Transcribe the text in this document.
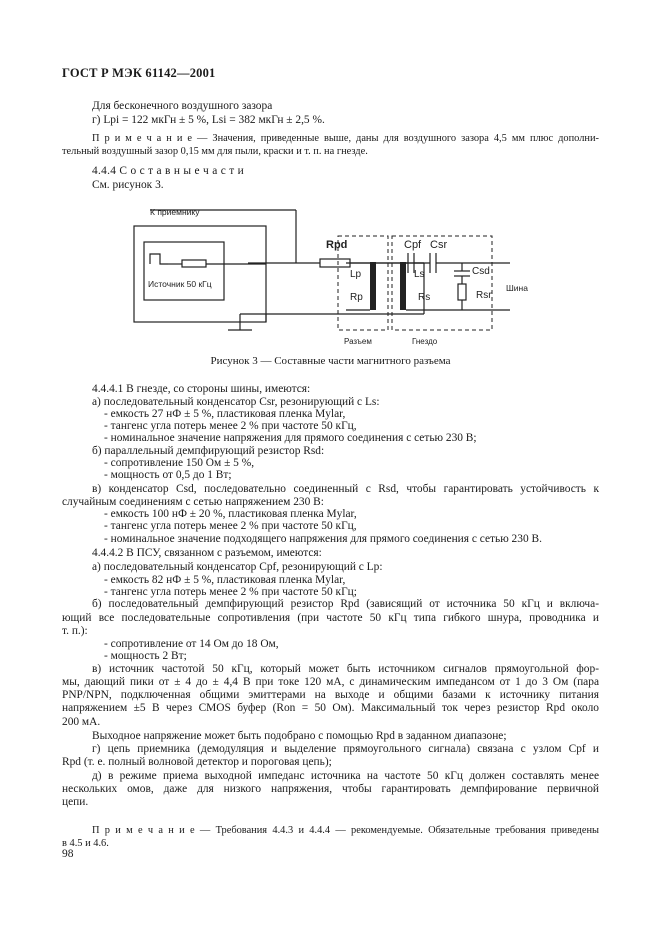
ГОСТ Р МЭК 61142—2001
Для бесконечного воздушного зазора
г) Lрi = 122 мкГн ± 5 %, Lsi = 382 мкГн ± 2,5 %.
П р и м е ч а н и е — Значения, приведенные выше, даны для воздушного зазора 4,5 мм плюс дополни-
тельный воздушный зазор 0,15 мм для пыли, краски и т. п. на гнезде.
4.4.4 С о с т а в н ы е ч а с т и
См. рисунок 3.
К приемнику
Источник 50 кГц
Rpd	Cpf
Lp
Rp
Ls
Rs
Csr
Csd
Rsr
Шина
Разъем	Гнездо
Рисунок 3 — Составные части магнитного разъема
4.4.4.1 В гнезде, со стороны шины, имеются:
а) последовательный конденсатор Csr, резонирующий с Ls:
- емкость 27 нФ ± 5 %, пластиковая пленка Mylar,
- тангенс угла потерь менее 2 % при частоте 50 кГц,
- номинальное значение напряжения для прямого соединения с сетью 230 В;
б) параллельный демпфирующий резистор Rsd:
- сопротивление 150 Ом ± 5 %,
- мощность от 0,5 до 1 Вт;
в) конденсатор Csd, последовательно соединенный с Rsd, чтобы гарантировать устойчивость к
случайным соединениям с сетью напряжением 230 В:
- емкость 100 нФ ± 20 %, пластиковая пленка Mylar,
- тангенс угла потерь менее 2 % при частоте 50 кГц,
- номинальное значение подходящего напряжения для прямого соединения с сетью 230 В.
4.4.4.2 В ПСУ, связанном с разъемом, имеются:
а) последовательный конденсатор Cpf, резонирующий с Lp:
- емкость 82 нФ ± 5 %, пластиковая пленка Mylar,
- тангенс угла потерь менее 2 % при частоте 50 кГц;
б) последовательный демпфирующий резистор Rpd (зависящий от источника 50 кГц и включа-
ющий все последовательные сопротивления (при частоте 50 кГц типа гибкого шнура, проводника и
т. п.):
- сопротивление от 14 Ом до 18 Ом,
- мощность 2 Вт;
в) источник частотой 50 кГц, который может быть источником сигналов прямоугольной фор-
мы, дающий пики от ± 4 до ± 4,4 В при токе 120 мА, с динамическим импедансом от 1 до 3 Ом (пара
PNP/NPN, подключенная общими эмиттерами на выходе и общими базами к источнику питания
напряжением ±5 В через CMOS буфер (Ron = 50 Ом). Максимальный ток через резистор Rpd около
200 мА.
Выходное напряжение может быть подобрано с помощью Rpd в заданном диапазоне;
г) цепь приемника (демодуляция и выделение прямоугольного сигнала) связана с узлом Cpf и
Rpd (т. е. полный волновой детектор и пороговая цепь);
д) в режиме приема выходной импеданс источника на частоте 50 кГц должен составлять менее
нескольких омов, даже для низкого напряжения, чтобы гарантировать демпфирование первичной
цепи.
П р и м е ч а н и е — Требования 4.4.3 и 4.4.4 — рекомендуемые. Обязательные требования приведены
в 4.5 и 4.6.
98
